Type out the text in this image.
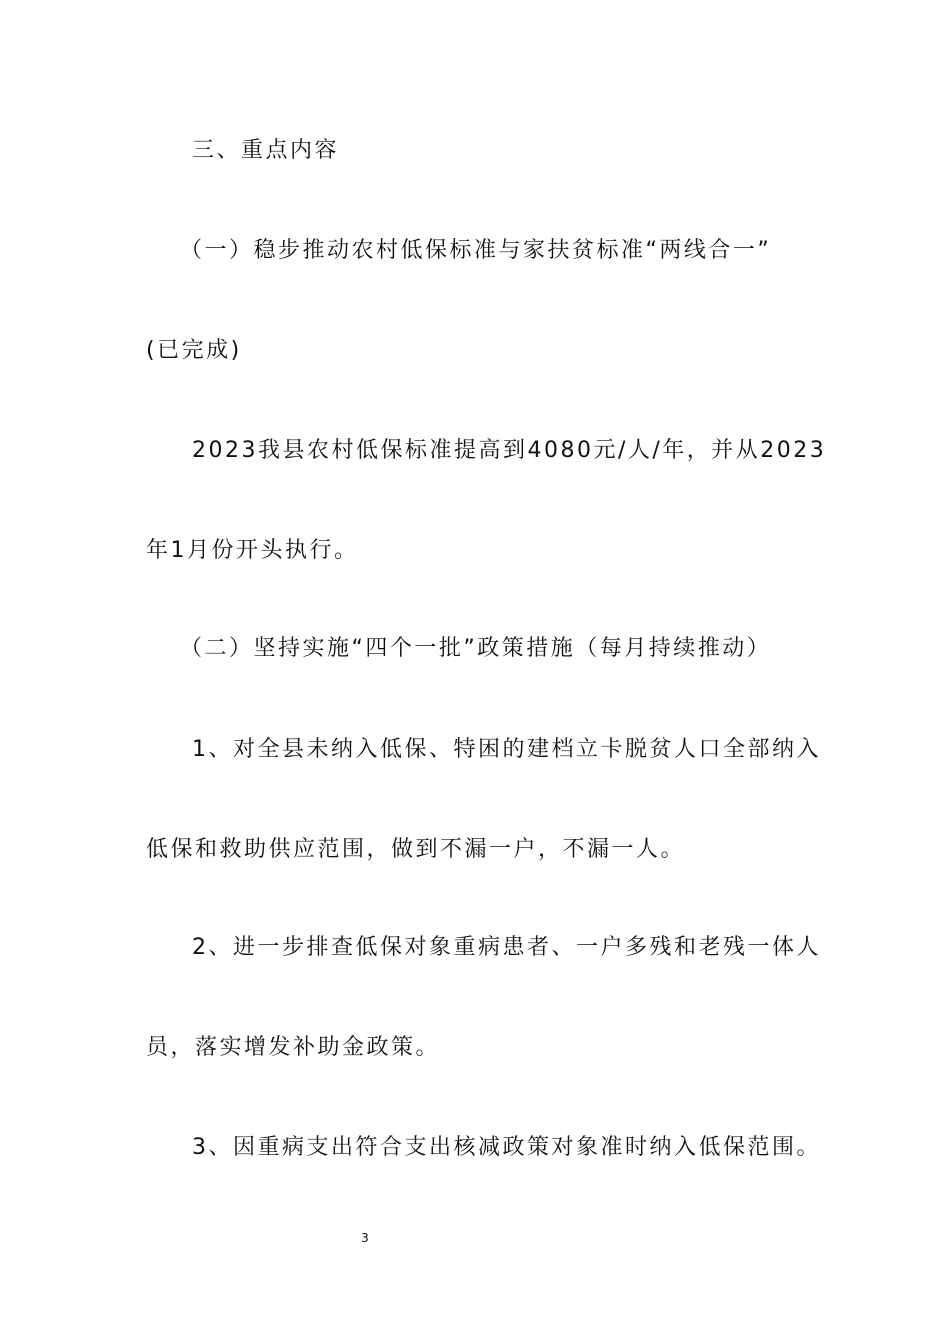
三、重点内容
（一）稳步推动农村低保标准与家扶贫标准“两线合一”
(已完成)
2023我县农村低保标准提高到4080元/人/年，并从2023
年1月份开头执行。
（二）坚持实施“四个一批”政策措施（每月持续推动）
1、对全县未纳入低保、特困的建档立卡脱贫人口全部纳入
低保和救助供应范围，做到不漏一户，不漏一人。
2、进一步排查低保对象重病患者、一户多残和老残一体人
员，落实增发补助金政策。
3、因重病支出符合支出核减政策对象准时纳入低保范围。
3
